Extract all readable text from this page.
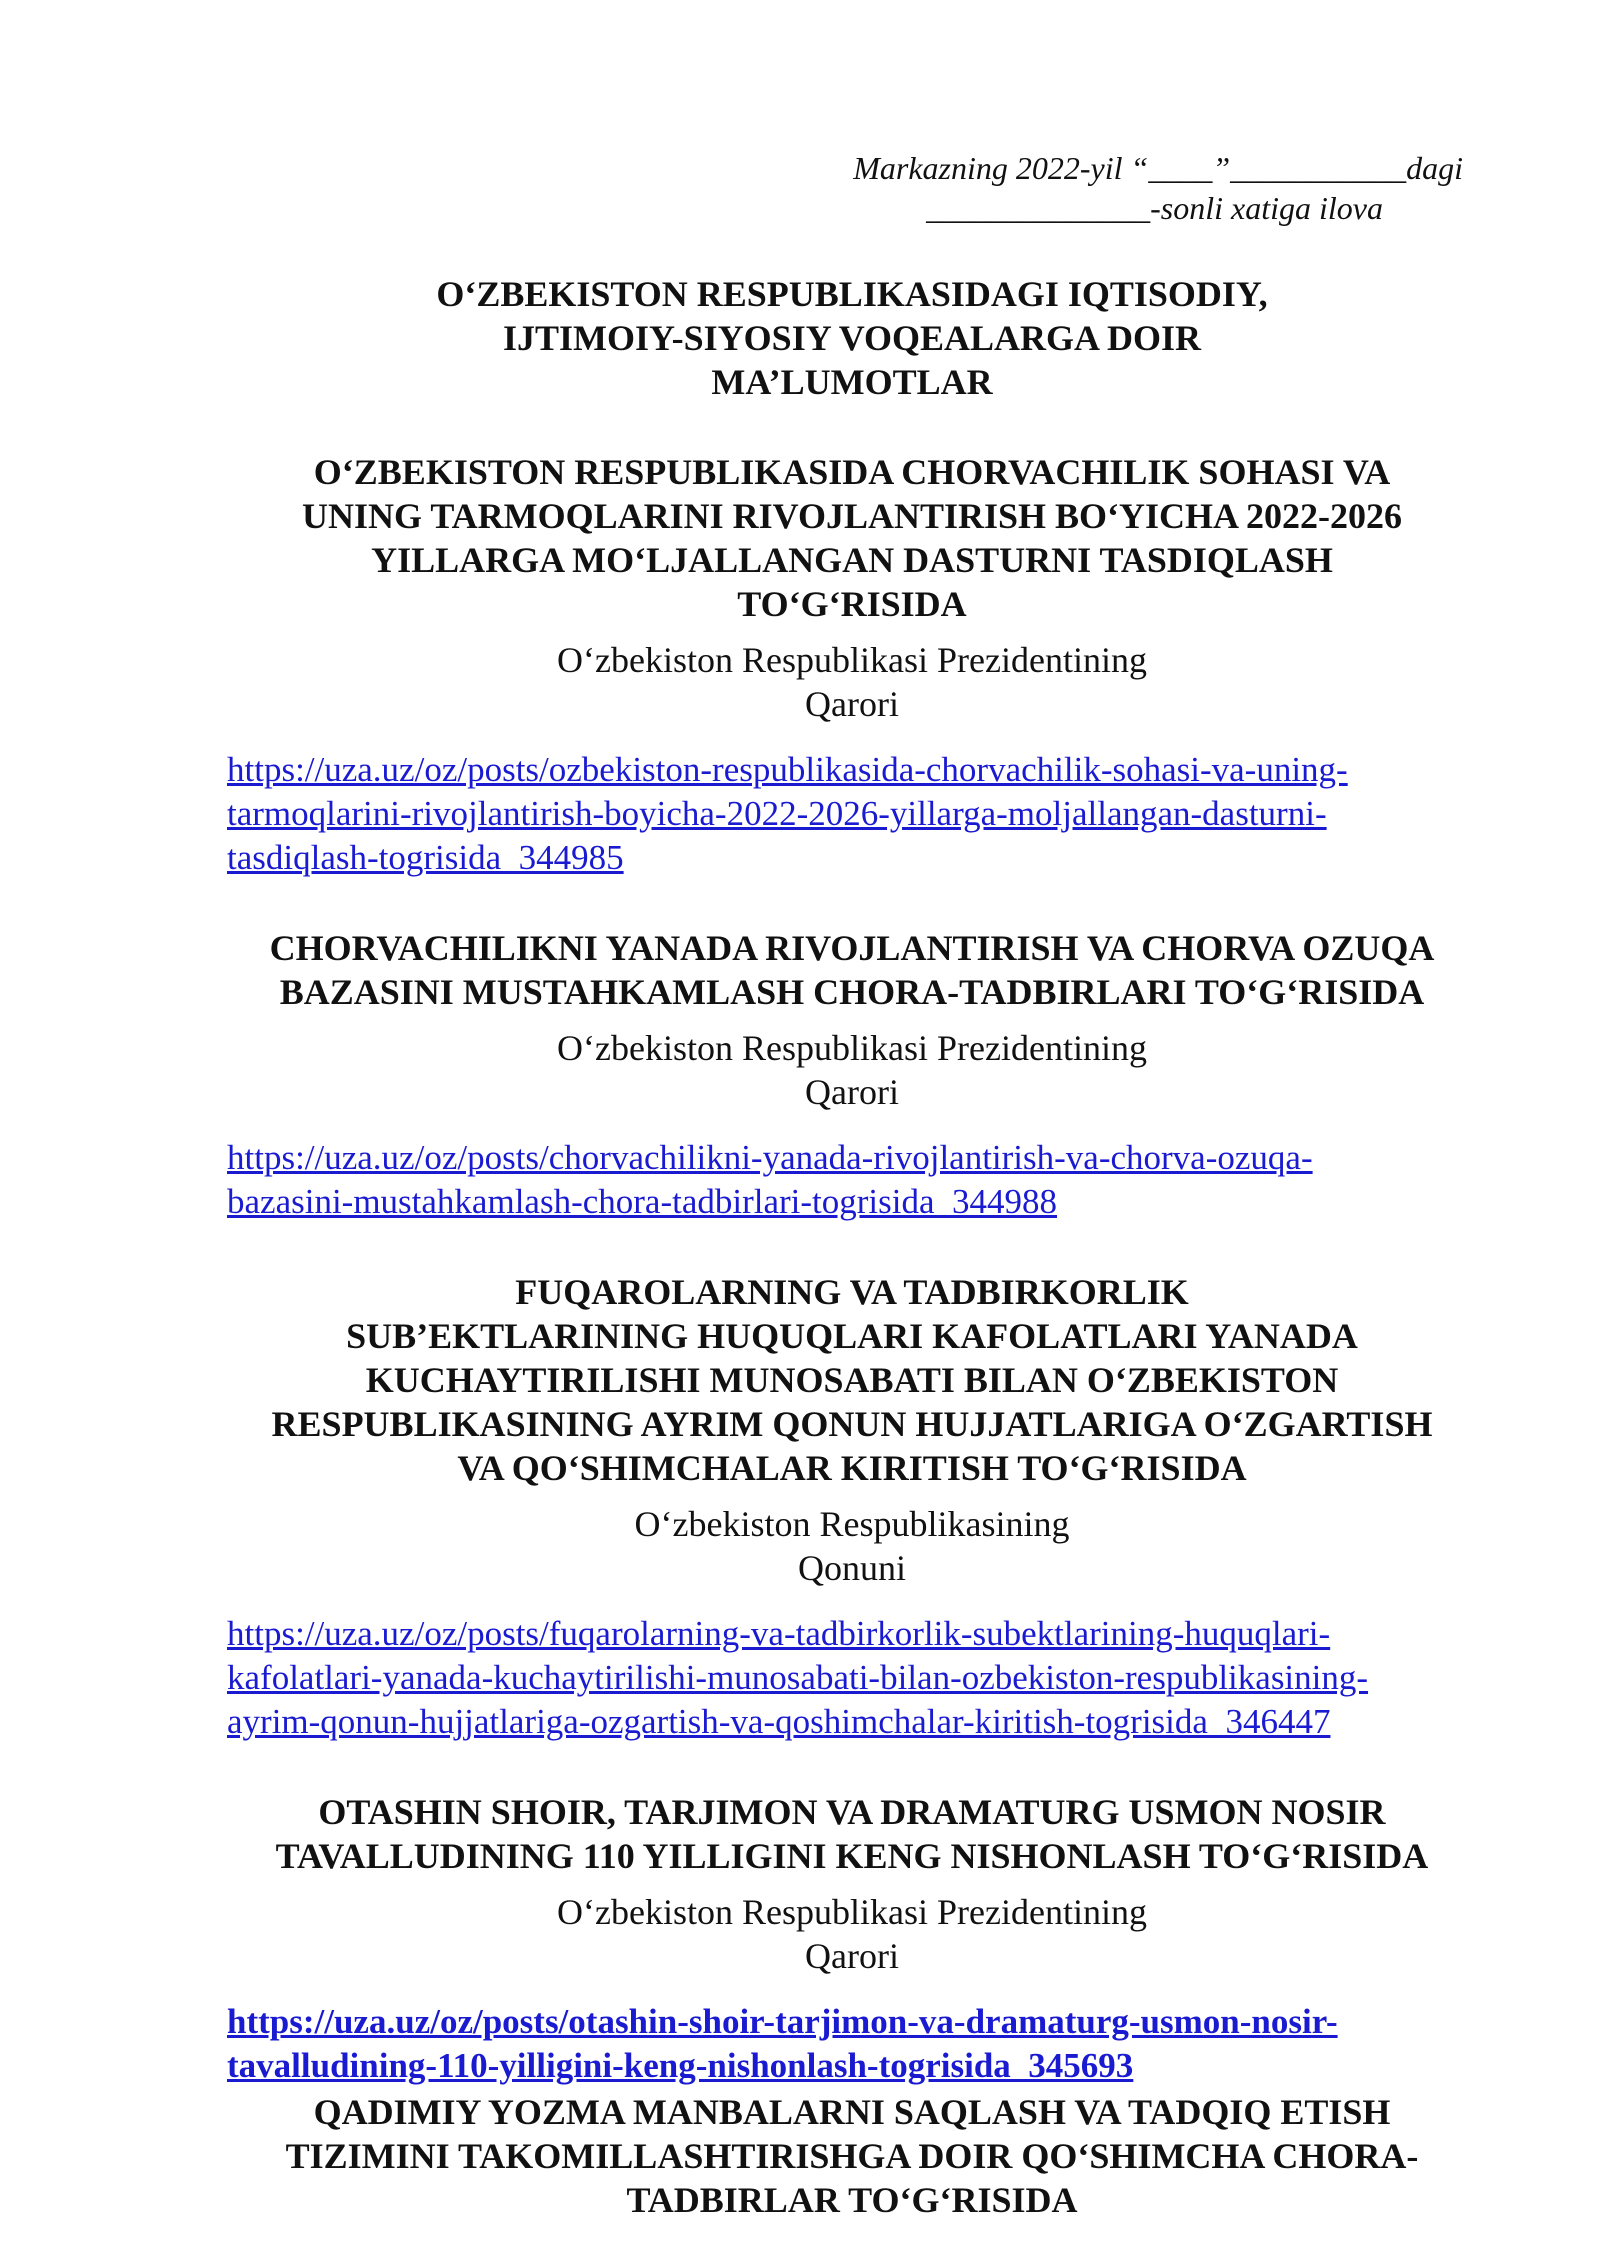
Markazning 2022-yil “____”___________dagi
______________-sonli xatiga ilova
O‘ZBEKISTON RESPUBLIKASIDAGI IQTISODIY,
IJTIMOIY-SIYOSIY VOQEALARGA DOIR
MA’LUMOTLAR
O‘ZBEKISTON RESPUBLIKASIDA CHORVACHILIK SOHASI VA
UNING TARMOQLARINI RIVOJLANTIRISH BO‘YICHA 2022-2026
YILLARGA MO‘LJALLANGAN DASTURNI TASDIQLASH
TO‘G‘RISIDA
O‘zbekiston Respublikasi Prezidentining
Qarori
https://uza.uz/oz/posts/ozbekiston-respublikasida-chorvachilik-sohasi-va-uning-
tarmoqlarini-rivojlantirish-boyicha-2022-2026-yillarga-moljallangan-dasturni-
tasdiqlash-togrisida_344985
CHORVACHILIKNI YANADA RIVOJLANTIRISH VA CHORVA OZUQA
BAZASINI MUSTAHKAMLASH CHORA-TADBIRLARI TO‘G‘RISIDA
O‘zbekiston Respublikasi Prezidentining
Qarori
https://uza.uz/oz/posts/chorvachilikni-yanada-rivojlantirish-va-chorva-ozuqa-
bazasini-mustahkamlash-chora-tadbirlari-togrisida_344988
FUQAROLARNING VA TADBIRKORLIK
SUB’EKTLARINING HUQUQLARI KAFOLATLARI YANADA
KUCHAYTIRILISHI MUNOSABATI BILAN O‘ZBEKISTON
RESPUBLIKASINING AYRIM QONUN HUJJATLARIGA O‘ZGARTISH
VA QO‘SHIMCHALAR KIRITISH TO‘G‘RISIDA
O‘zbekiston Respublikasining
Qonuni
https://uza.uz/oz/posts/fuqarolarning-va-tadbirkorlik-subektlarining-huquqlari-
kafolatlari-yanada-kuchaytirilishi-munosabati-bilan-ozbekiston-respublikasining-
ayrim-qonun-hujjatlariga-ozgartish-va-qoshimchalar-kiritish-togrisida_346447
OTASHIN SHOIR, TARJIMON VA DRAMATURG USMON NOSIR
TAVALLUDINING 110 YILLIGINI KENG NISHONLASH TO‘G‘RISIDA
O‘zbekiston Respublikasi Prezidentining
Qarori
https://uza.uz/oz/posts/otashin-shoir-tarjimon-va-dramaturg-usmon-nosir-
tavalludining-110-yilligini-keng-nishonlash-togrisida_345693
QADIMIY YOZMA MANBALARNI SAQLASH VA TADQIQ ETISH
TIZIMINI TAKOMILLASHTIRISHGA DOIR QO‘SHIMCHA CHORA-
TADBIRLAR TO‘G‘RISIDA
